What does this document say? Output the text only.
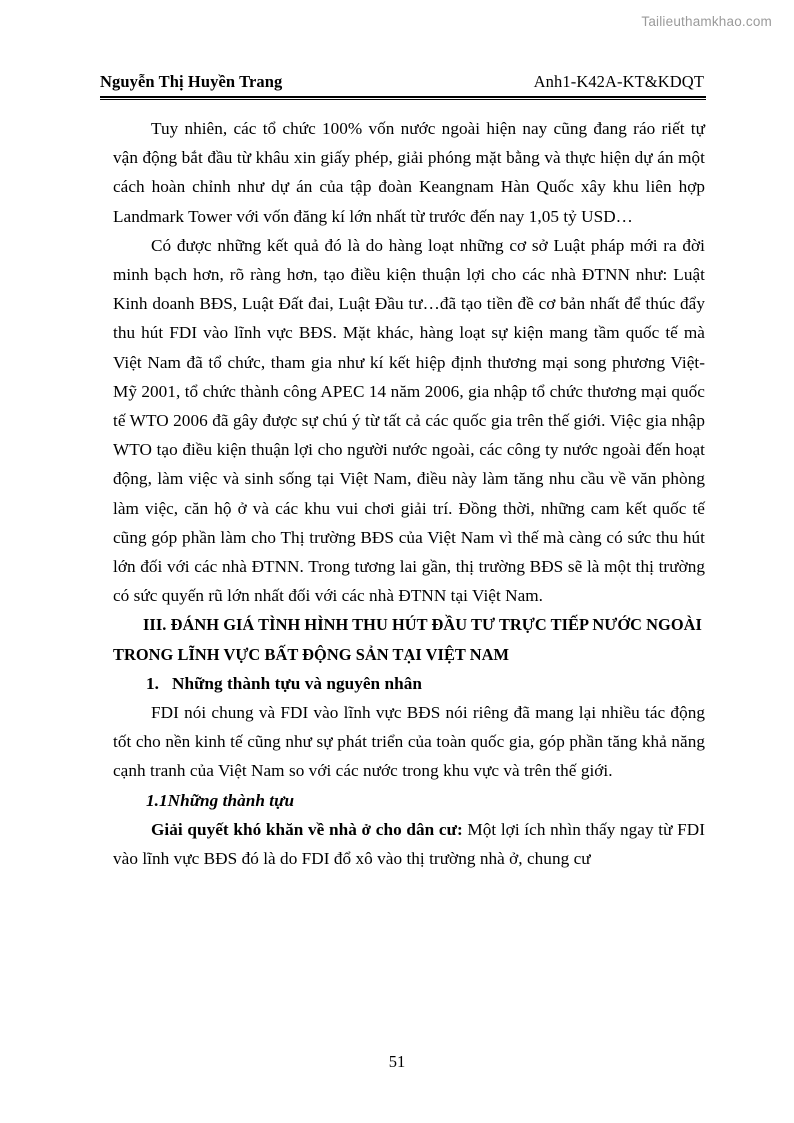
Tailieuthamkhao.com
Nguyễn Thị Huyền Trang	Anh1-K42A-KT&KDQT

Tuy nhiên, các tổ chức 100% vốn nước ngoài hiện nay cũng đang ráo riết tự vận động bắt đầu từ khâu xin giấy phép, giải phóng mặt bằng và thực hiện dự án một cách hoàn chỉnh như dự án của tập đoàn Keangnam Hàn Quốc xây khu liên hợp Landmark Tower với vốn đăng kí lớn nhất từ trước đến nay 1,05 tỷ USD…

Có được những kết quả đó là do hàng loạt những cơ sở Luật pháp mới ra đời minh bạch hơn, rõ ràng hơn, tạo điều kiện thuận lợi cho các nhà ĐTNN như: Luật Kinh doanh BĐS, Luật Đất đai, Luật Đầu tư…đã tạo tiền đề cơ bản nhất để thúc đẩy thu hút FDI vào lĩnh vực BĐS. Mặt khác, hàng loạt sự kiện mang tầm quốc tế mà Việt Nam đã tổ chức, tham gia như kí kết hiệp định thương mại song phương Việt-Mỹ 2001, tổ chức thành công APEC 14 năm 2006, gia nhập tổ chức thương mại quốc tế WTO 2006 đã gây được sự chú ý từ tất cả các quốc gia trên thế giới. Việc gia nhập WTO tạo điều kiện thuận lợi cho người nước ngoài, các công ty nước ngoài đến hoạt động, làm việc và sinh sống tại Việt Nam, điều này làm tăng nhu cầu về văn phòng làm việc, căn hộ ở và các khu vui chơi giải trí. Đồng thời, những cam kết quốc tế cũng góp phần làm cho Thị trường BĐS của Việt Nam vì thế mà càng có sức thu hút lớn đối với các nhà ĐTNN. Trong tương lai gần, thị trường BĐS sẽ là một thị trường có sức quyến rũ lớn nhất đối với các nhà ĐTNN tại Việt Nam.

III. ĐÁNH GIÁ TÌNH HÌNH THU HÚT ĐẦU TƯ TRỰC TIẾP NƯỚC NGOÀI
TRONG LĨNH VỰC BẤT ĐỘNG SẢN TẠI VIỆT NAM

1. Những thành tựu và nguyên nhân

FDI nói chung và FDI vào lĩnh vực BĐS nói riêng đã mang lại nhiều tác động tốt cho nền kinh tế cũng như sự phát triển của toàn quốc gia, góp phần tăng khả năng cạnh tranh của Việt Nam so với các nước trong khu vực và trên thế giới.

1.1Những thành tựu

Giải quyết khó khăn về nhà ở cho dân cư: Một lợi ích nhìn thấy ngay từ FDI vào lĩnh vực BĐS đó là do FDI đổ xô vào thị trường nhà ở, chung cư

51
